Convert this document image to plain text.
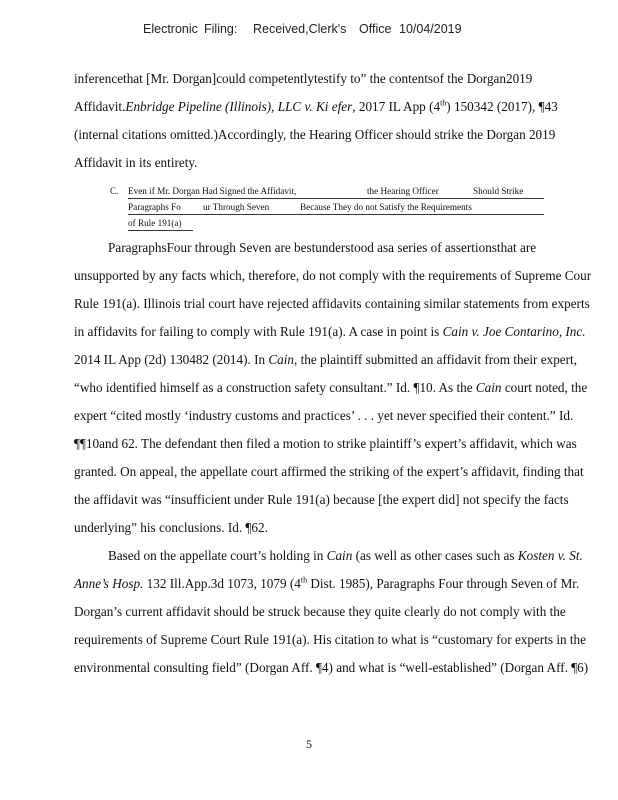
Electronic Filing: Received,Clerk's Office 10/04/2019
inferencethat [Mr. Dorgan]could competentlytestify to” the contentsof the Dorgan2019
Affidavit.Enbridge Pipeline (Illinois), LLC v. Ki efer, 2017 IL App (4th) 150342 (2017), ¶43
(internal citations omitted.)Accordingly, the Hearing Officer should strike the Dorgan 2019
Affidavit in its entirety.
C. Even if Mr. Dorgan Had Signed the Affidavit,	the Hearing Officer	Should Strike
Paragraphs Fo ur Through Seven	Because They do not Satisfy the Requirements
of Rule 191(a)
ParagraphsFour through Seven are bestunderstood asa series of assertionsthat are
unsupported by any facts which, therefore, do not comply with the requirements of Supreme Cour
Rule 191(a). Illinois trial court have rejected affidavits containing similar statements from experts
in affidavits for failing to comply with Rule 191(a). A case in point is Cain v. Joe Contarino, Inc.
2014 IL App (2d) 130482 (2014). In Cain, the plaintiff submitted an affidavit from their expert,
“who identified himself as a construction safety consultant.” Id. ¶10. As the Cain court noted, the
expert “cited mostly ‘industry customs and practices’ . . . yet never specified their content.” Id.
¶¶10and 62. The defendant then filed a motion to strike plaintiff’s expert’s affidavit, which was
granted. On appeal, the appellate court affirmed the striking of the expert’s affidavit, finding that
the affidavit was “insufficient under Rule 191(a) because [the expert did] not specify the facts
underlying” his conclusions. Id. ¶62.
Based on the appellate court’s holding in Cain (as well as other cases such as Kosten v. St.
Anne’s Hosp. 132 Ill.App.3d 1073, 1079 (4th Dist. 1985), Paragraphs Four through Seven of Mr.
Dorgan’s current affidavit should be struck because they quite clearly do not comply with the
requirements of Supreme Court Rule 191(a). His citation to what is “customary for experts in the
environmental consulting field” (Dorgan Aff. ¶4) and what is “well-established” (Dorgan Aff. ¶6)
5
